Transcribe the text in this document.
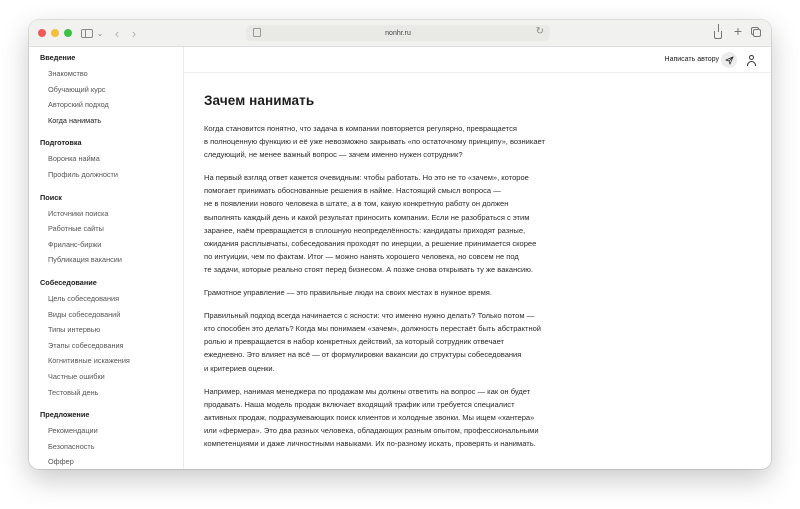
⌄ ‹ ›	nonhr.ru	↻	+
Введение
Знакомство
Обучающий курс
Авторский подход
Когда нанимать
Подготовка
Воронка найма
Профиль должности
Поиск
Источники поиска
Работные сайты
Фриланс-биржи
Публикация вакансии
Собеседование
Цель собеседования
Виды собеседований
Типы интервью
Этапы собеседования
Когнитивные искажения
Частные ошибки
Тестовый день
Предложение
Рекомендации
Безопасность
Оффер
Написать автору
Зачем нанимать

Когда становится понятно, что задача в компании повторяется регулярно, превращается
в полноценную функцию и её уже невозможно закрывать «по остаточному принципу», возникает
следующий, не менее важный вопрос — зачем именно нужен сотрудник?

На первый взгляд ответ кажется очевидным: чтобы работать. Но это не то «зачем», которое
помогает принимать обоснованные решения в найме. Настоящий смысл вопроса —
не в появлении нового человека в штате, а в том, какую конкретную работу он должен
выполнять каждый день и какой результат приносить компании. Если не разобраться с этим
заранее, наём превращается в сплошную неопределённость: кандидаты приходят разные,
ожидания расплывчаты, собеседования проходят по инерции, а решение принимается скорее
по интуиции, чем по фактам. Итог — можно нанять хорошего человека, но совсем не под
те задачи, которые реально стоят перед бизнесом. А позже снова открывать ту же вакансию.

Грамотное управление — это правильные люди на своих местах в нужное время.

Правильный подход всегда начинается с ясности: что именно нужно делать? Только потом —
кто способен это делать? Когда мы понимаем «зачем», должность перестаёт быть абстрактной
ролью и превращается в набор конкретных действий, за который сотрудник отвечает
ежедневно. Это влияет на всё — от формулировки вакансии до структуры собеседования
и критериев оценки.

Например, нанимая менеджера по продажам мы должны ответить на вопрос — как он будет
продавать. Наша модель продаж включает входящий трафик или требуется специалист
активных продаж, подразумевающих поиск клиентов и холодные звонки. Мы ищем «хантера»
или «фермера». Это два разных человека, обладающих разным опытом, профессиональными
компетенциями и даже личностными навыками. Их по-разному искать, проверять и нанимать.
